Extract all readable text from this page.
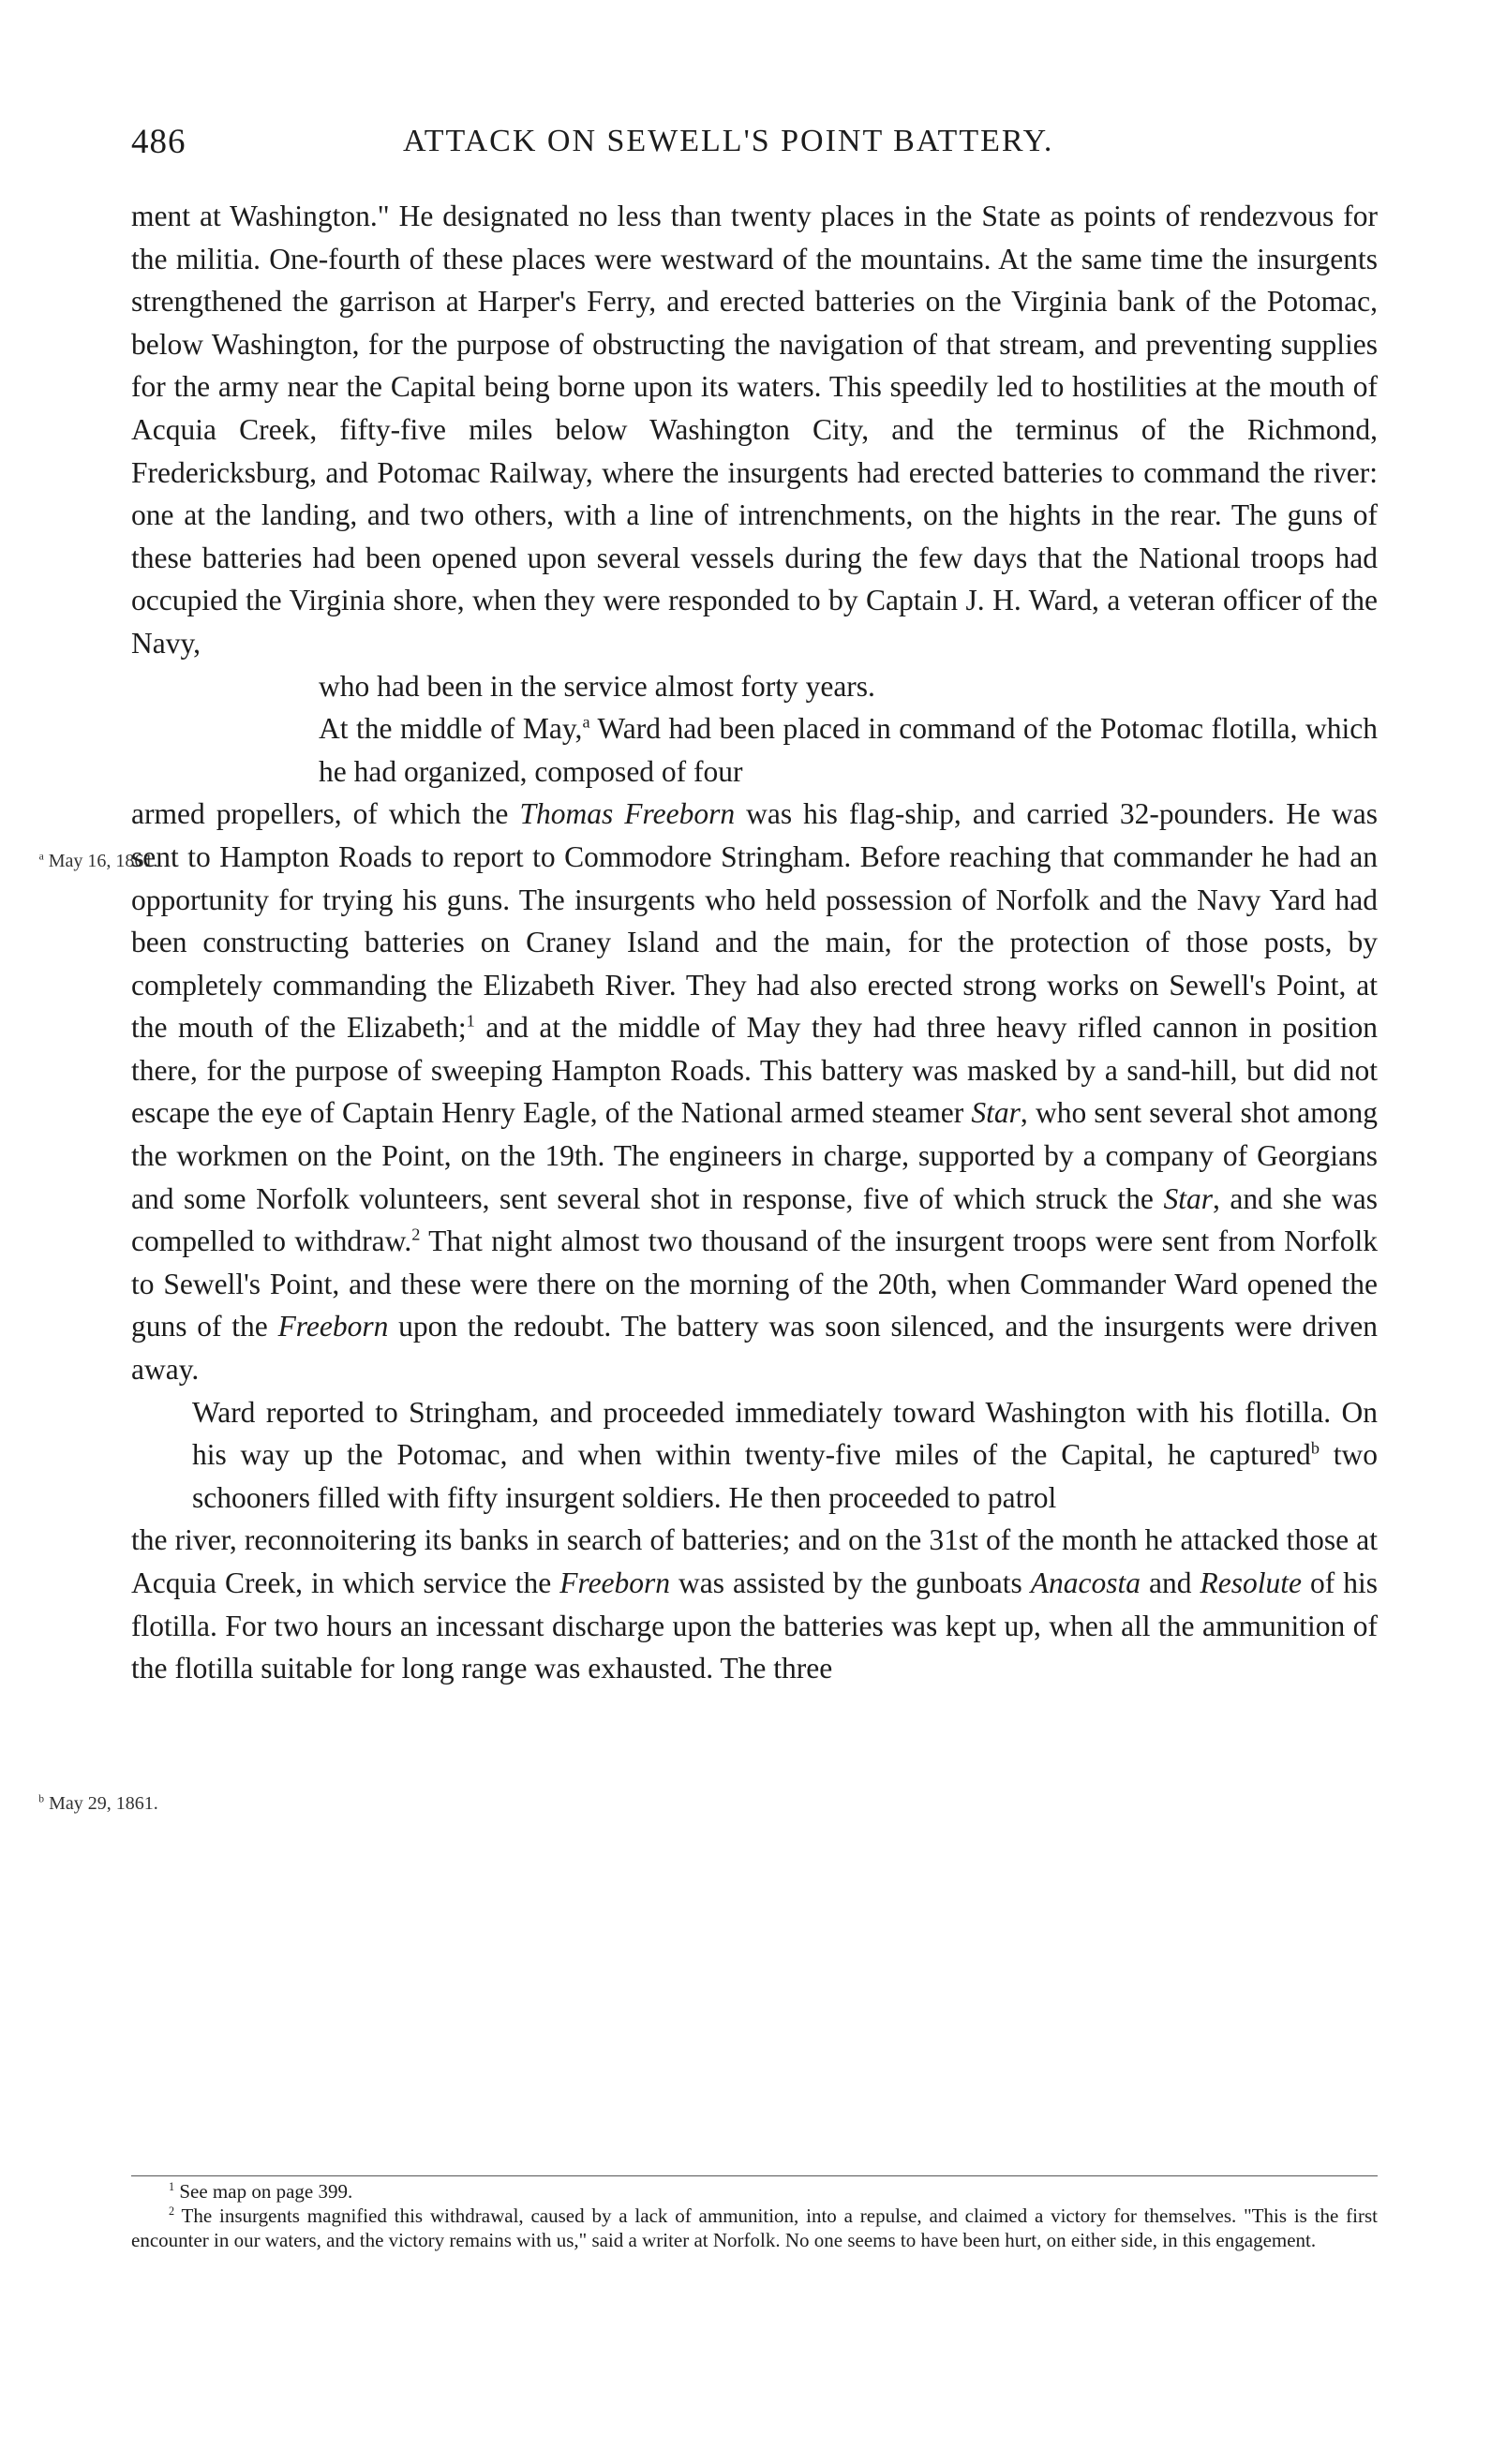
486	ATTACK ON SEWELL'S POINT BATTERY.
$^a$ May 16, 1861.
$^b$ May 29, 1861.

ment at Washington." He designated no less than twenty places in the State as points of rendezvous for the militia. One-fourth of these places were westward of the mountains. At the same time the insurgents strengthened the garrison at Harper's Ferry, and erected batteries on the Virginia bank of the Potomac, below Washington, for the purpose of obstructing the navigation of that stream, and preventing supplies for the army near the Capital being borne upon its waters. This speedily led to hostilities at the mouth of Acquia Creek, fifty-five miles below Washington City, and the terminus of the Richmond, Fredericksburg, and Potomac Railway, where the insurgents had erected batteries to command the river: one at the landing, and two others, with a line of intrenchments, on the hights in the rear. The guns of these batteries had been opened upon several vessels during the few days that the National troops had occupied the Virginia shore, when they were responded to by Captain J. H. Ward, a veteran officer of the Navy,

who had been in the service almost forty years.

At the middle of May,$^a$ Ward had been placed in command of the Potomac flotilla, which he had organized, composed of four

armed propellers, of which the Thomas Freeborn was his flag-ship, and carried 32-pounders. He was sent to Hampton Roads to report to Commodore Stringham. Before reaching that commander he had an opportunity for trying his guns. The insurgents who held possession of Norfolk and the Navy Yard had been constructing batteries on Craney Island and the main, for the protection of those posts, by completely commanding the Elizabeth River. They had also erected strong works on Sewell's Point, at the mouth of the Elizabeth;$^1$ and at the middle of May they had three heavy rifled cannon in position there, for the purpose of sweeping Hampton Roads. This battery was masked by a sand-hill, but did not escape the eye of Captain Henry Eagle, of the National armed steamer Star, who sent several shot among the workmen on the Point, on the 19th. The engineers in charge, supported by a company of Georgians and some Norfolk volunteers, sent several shot in response, five of which struck the Star, and she was compelled to withdraw.$^2$ That night almost two thousand of the insurgent troops were sent from Norfolk to Sewell's Point, and these were there on the morning of the 20th, when Commander Ward opened the guns of the Freeborn upon the redoubt. The battery was soon silenced, and the insurgents were driven away.

Ward reported to Stringham, and proceeded immediately toward Washington with his flotilla. On his way up the Potomac, and when within twenty-five miles of the Capital, he captured$^b$ two schooners filled with fifty insurgent soldiers. He then proceeded to patrol

the river, reconnoitering its banks in search of batteries; and on the 31st of the month he attacked those at Acquia Creek, in which service the Freeborn was assisted by the gunboats Anacosta and Resolute of his flotilla. For two hours an incessant discharge upon the batteries was kept up, when all the ammunition of the flotilla suitable for long range was exhausted. The three

$^1$ See map on page 399.

$^2$ The insurgents magnified this withdrawal, caused by a lack of ammunition, into a repulse, and claimed a victory for themselves. "This is the first encounter in our waters, and the victory remains with us," said a writer at Norfolk. No one seems to have been hurt, on either side, in this engagement.
